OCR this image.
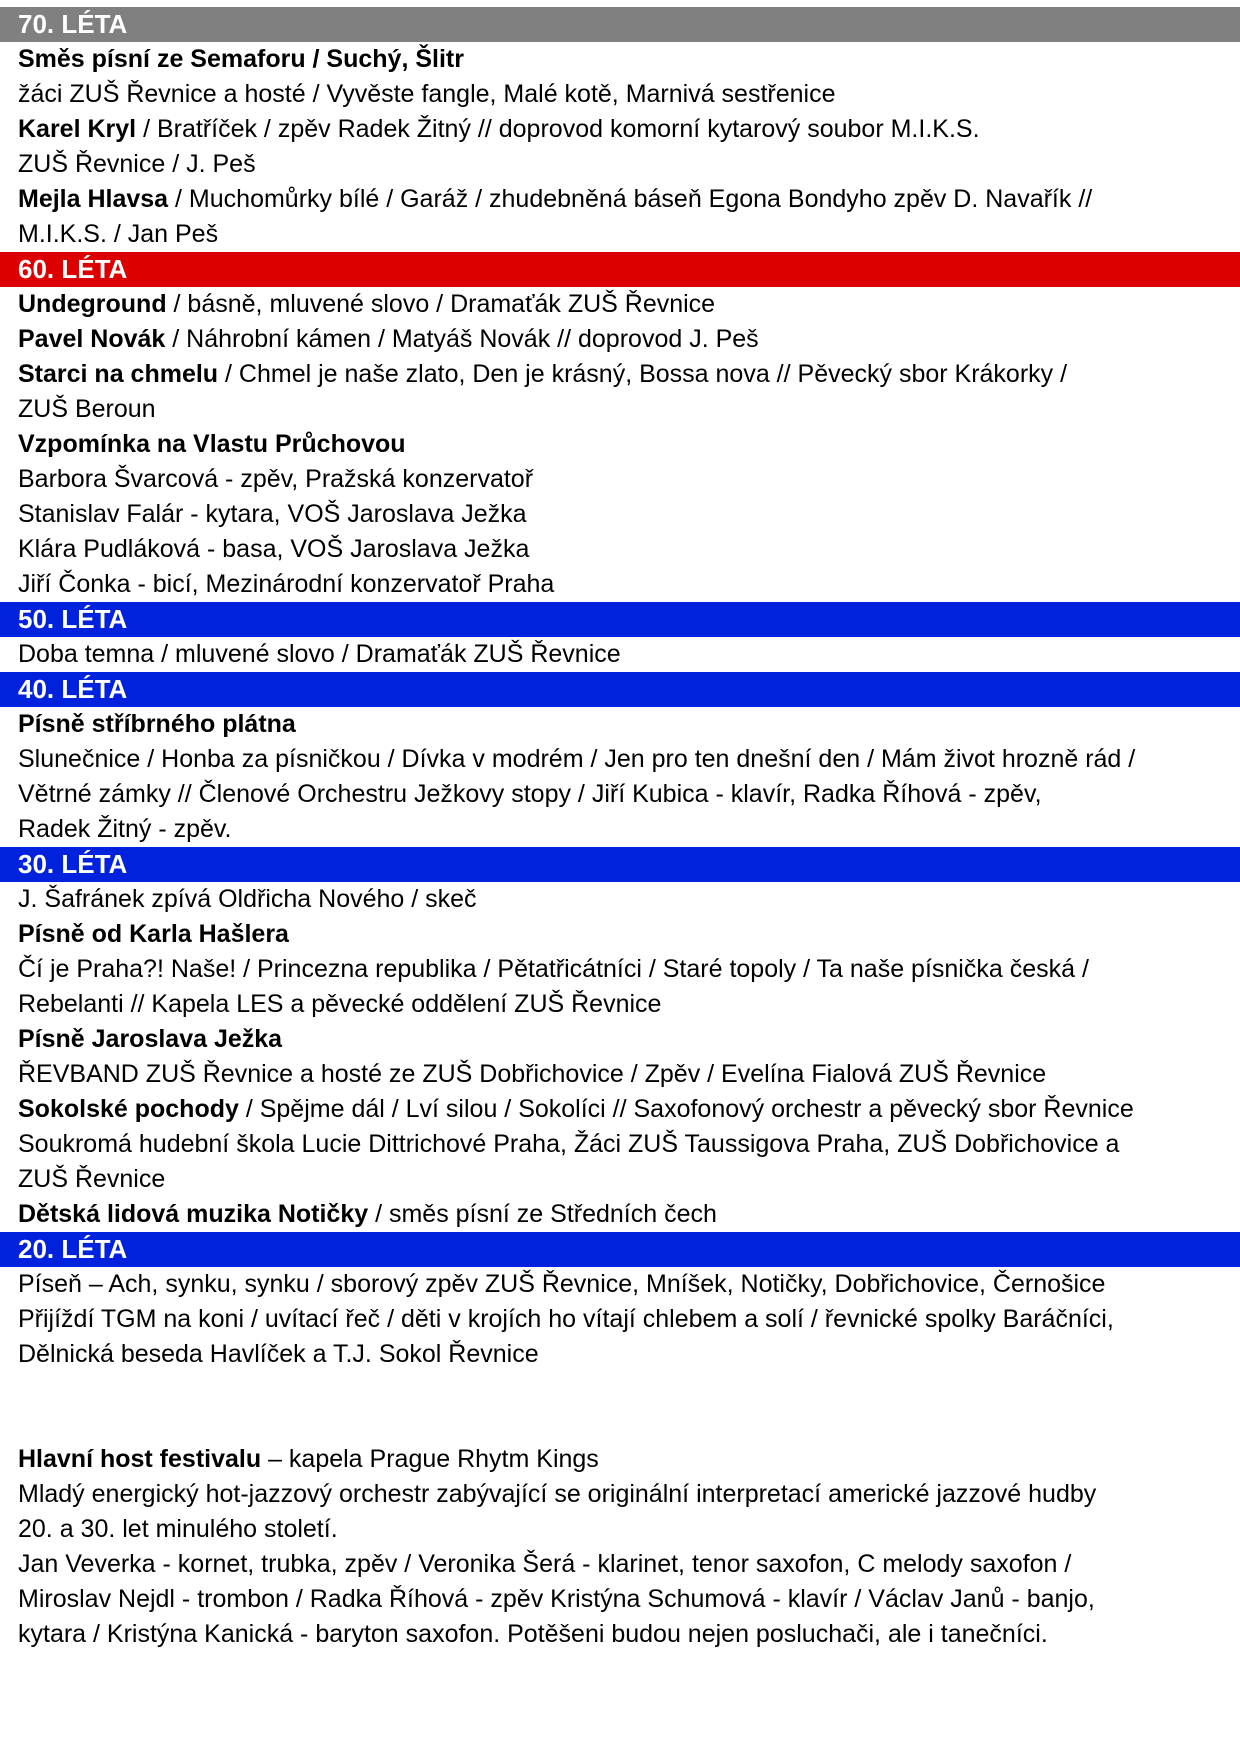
70. LÉTA
Směs písní ze Semaforu / Suchý, Šlitr
žáci ZUŠ Řevnice a hosté / Vyvěste fangle, Malé kotě, Marnivá sestřenice
Karel Kryl / Bratříček / zpěv Radek Žitný // doprovod komorní kytarový soubor M.I.K.S.
ZUŠ Řevnice / J. Peš
Mejla Hlavsa / Muchomůrky bílé / Garáž / zhudebněná báseň Egona Bondyho zpěv D. Navařík //
M.I.K.S. / Jan Peš
60. LÉTA
Undeground / básně, mluvené slovo / Dramaťák ZUŠ Řevnice
Pavel Novák / Náhrobní kámen / Matyáš Novák // doprovod J. Peš
Starci na chmelu / Chmel je naše zlato, Den je krásný, Bossa nova // Pěvecký sbor Krákorky /
ZUŠ Beroun
Vzpomínka na Vlastu Průchovou
Barbora Švarcová - zpěv, Pražská konzervatoř
Stanislav Falár - kytara, VOŠ Jaroslava Ježka
Klára Pudláková - basa, VOŠ Jaroslava Ježka
Jiří Čonka - bicí, Mezinárodní konzervatoř Praha
50. LÉTA
Doba temna / mluvené slovo / Dramaťák ZUŠ Řevnice
40. LÉTA
Písně stříbrného plátna
Slunečnice / Honba za písničkou / Dívka v modrém / Jen pro ten dnešní den / Mám život hrozně rád /
Větrné zámky // Členové Orchestru Ježkovy stopy / Jiří Kubica - klavír, Radka Říhová - zpěv,
Radek Žitný - zpěv.
30. LÉTA
J. Šafránek zpívá Oldřicha Nového / skeč
Písně od Karla Hašlera
Čí je Praha?! Naše! / Princezna republika / Pětatřicátníci / Staré topoly / Ta naše písnička česká /
Rebelanti // Kapela LES a pěvecké oddělení ZUŠ Řevnice
Písně Jaroslava Ježka
ŘEVBAND ZUŠ Řevnice a hosté ze ZUŠ Dobřichovice / Zpěv / Evelína Fialová ZUŠ Řevnice
Sokolské pochody / Spějme dál / Lví silou / Sokolíci // Saxofonový orchestr a pěvecký sbor Řevnice
Soukromá hudební škola Lucie Dittrichové Praha, Žáci ZUŠ Taussigova Praha, ZUŠ Dobřichovice a
ZUŠ Řevnice
Dětská lidová muzika Notičky / směs písní ze Středních čech
20. LÉTA
Píseň – Ach, synku, synku / sborový zpěv ZUŠ Řevnice, Mníšek, Notičky, Dobřichovice, Černošice
Přijíždí TGM na koni / uvítací řeč / děti v krojích ho vítají chlebem a solí / řevnické spolky Baráčníci,
Dělnická beseda Havlíček a T.J. Sokol Řevnice
Hlavní host festivalu – kapela Prague Rhytm Kings
Mladý energický hot-jazzový orchestr zabývající se originální interpretací americké jazzové hudby
20. a 30. let minulého století.
Jan Veverka - kornet, trubka, zpěv / Veronika Šerá - klarinet, tenor saxofon, C melody saxofon /
Miroslav Nejdl - trombon / Radka Říhová - zpěv Kristýna Schumová - klavír / Václav Janů - banjo,
kytara / Kristýna Kanická - baryton saxofon. Potěšeni budou nejen posluchači, ale i tanečníci.
